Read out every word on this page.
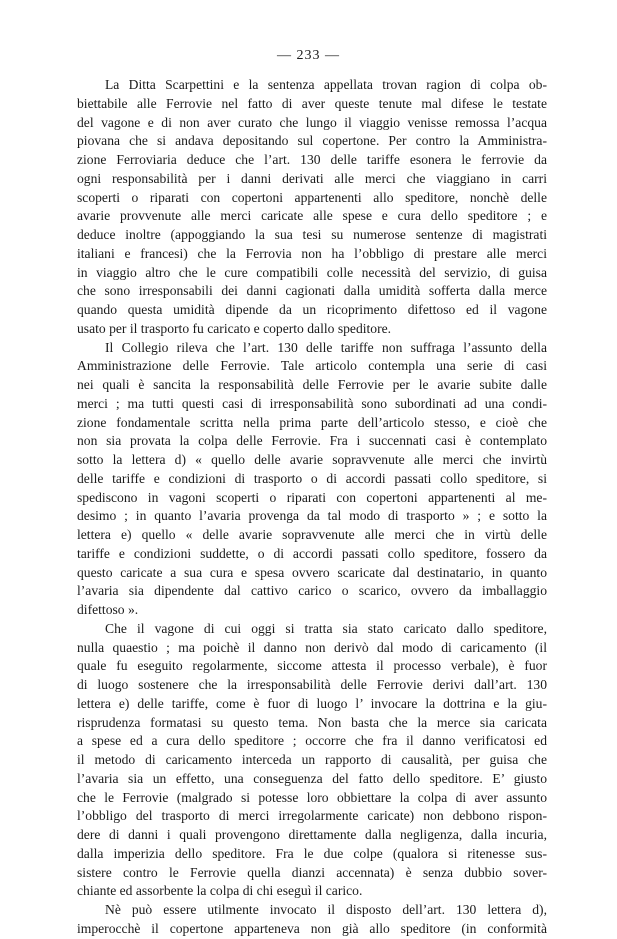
— 233 —

La Ditta Scarpettini e la sentenza appellata trovan ragion di colpa ob-
biettabile alle Ferrovie nel fatto di aver queste tenute mal difese le testate
del vagone e di non aver curato che lungo il viaggio venisse remossa l’acqua
piovana che si andava depositando sul copertone. Per contro la Amministra-
zione Ferroviaria deduce che l’art. 130 delle tariffe esonera le ferrovie da
ogni responsabilità per i danni derivati alle merci che viaggiano in carri
scoperti o riparati con copertoni appartenenti allo speditore, nonchè delle
avarie provvenute alle merci caricate alle spese e cura dello speditore ; e
deduce inoltre (appoggiando la sua tesi su numerose sentenze di magistrati
italiani e francesi) che la Ferrovia non ha l’obbligo di prestare alle merci
in viaggio altro che le cure compatibili colle necessità del servizio, di guisa
che sono irresponsabili dei danni cagionati dalla umidità sofferta dalla merce
quando questa umidità dipende da un ricoprimento difettoso ed il vagone
usato per il trasporto fu caricato e coperto dallo speditore.

Il Collegio rileva che l’art. 130 delle tariffe non suffraga l’assunto della
Amministrazione delle Ferrovie. Tale articolo contempla una serie di casi
nei quali è sancita la responsabilità delle Ferrovie per le avarie subite dalle
merci ; ma tutti questi casi di irresponsabilità sono subordinati ad una condi-
zione fondamentale scritta nella prima parte dell’articolo stesso, e cioè che
non sia provata la colpa delle Ferrovie. Fra i succennati casi è contemplato
sotto la lettera d) « quello delle avarie sopravvenute alle merci che invirtù
delle tariffe e condizioni di trasporto o di accordi passati collo speditore, si
spediscono in vagoni scoperti o riparati con copertoni appartenenti al me-
desimo ; in quanto l’avaria provenga da tal modo di trasporto » ; e sotto la
lettera e) quello « delle avarie sopravvenute alle merci che in virtù delle
tariffe e condizioni suddette, o di accordi passati collo speditore, fossero da
questo caricate a sua cura e spesa ovvero scaricate dal destinatario, in quanto
l’avaria sia dipendente dal cattivo carico o scarico, ovvero da imballaggio
difettoso ».

Che il vagone di cui oggi si tratta sia stato caricato dallo speditore,
nulla quaestio ; ma poichè il danno non derivò dal modo di caricamento (il
quale fu eseguito regolarmente, siccome attesta il processo verbale), è fuor
di luogo sostenere che la irresponsabilità delle Ferrovie derivi dall’art. 130
lettera e) delle tariffe, come è fuor di luogo l’ invocare la dottrina e la giu-
risprudenza formatasi su questo tema. Non basta che la merce sia caricata
a spese ed a cura dello speditore ; occorre che fra il danno verificatosi ed
il metodo di caricamento interceda un rapporto di causalità, per guisa che
l’avaria sia un effetto, una conseguenza del fatto dello speditore. E’ giusto
che le Ferrovie (malgrado si potesse loro obbiettare la colpa di aver assunto
l’obbligo del trasporto di merci irregolarmente caricate) non debbono rispon-
dere di danni i quali provengono direttamente dalla negligenza, dalla incuria,
dalla imperizia dello speditore. Fra le due colpe (qualora si ritenesse sus-
sistere contro le Ferrovie quella dianzi accennata) è senza dubbio sover-
chiante ed assorbente la colpa di chi eseguì il carico.

Nè può essere utilmente invocato il disposto dell’art. 130 lettera d),
imperocchè il copertone apparteneva non già allo speditore (in conformità
